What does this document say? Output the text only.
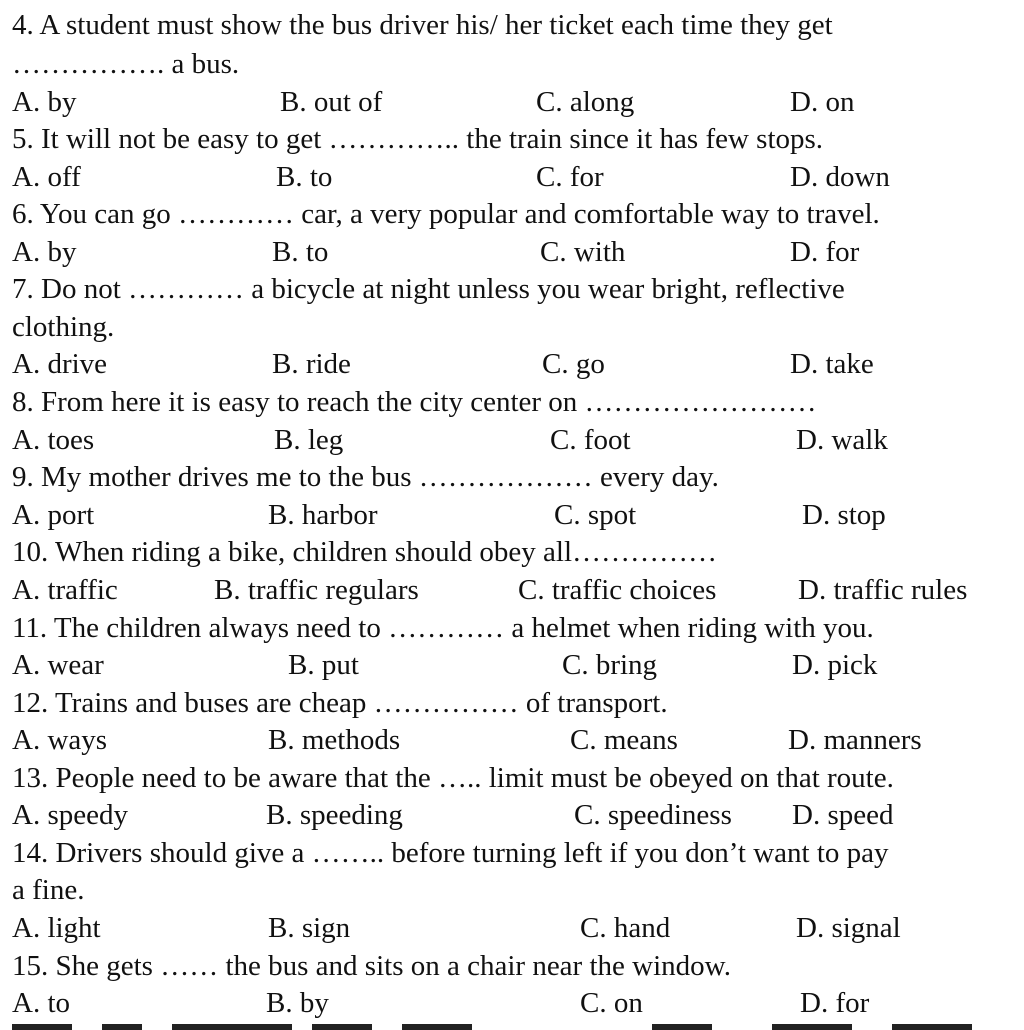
4. A student must show the bus driver his/ her ticket each time they get
……………. a bus.
A. by	B. out of	C. along	D. on
5. It will not be easy to get ………….. the train since it has few stops.
A. off	B. to	C. for	D. down
6. You can go ………… car, a very popular and comfortable way to travel.
A. by	B. to	C. with	D. for
7. Do not ………… a bicycle at night unless you wear bright, reflective
clothing.
A. drive	B. ride	C. go	D. take
8. From here it is easy to reach the city center on ……………………
A. toes	B. leg	C. foot	D. walk
9. My mother drives me to the bus ……………… every day.
A. port	B. harbor	C. spot	D. stop
10. When riding a bike, children should obey all……………
A. traffic	B. traffic regulars	C. traffic choices	D. traffic rules
11. The children always need to ………… a helmet when riding with you.
A. wear	B. put	C. bring	D. pick
12. Trains and buses are cheap …………… of transport.
A. ways	B. methods	C. means	D. manners
13. People need to be aware that the ….. limit must be obeyed on that route.
A. speedy	B. speeding	C. speediness D. speed
14. Drivers should give a …….. before turning left if you don’t want to pay
a fine.
A. light	B. sign	C. hand	D. signal
15. She gets …… the bus and sits on a chair near the window.
A. to	B. by	C. on	D. for
